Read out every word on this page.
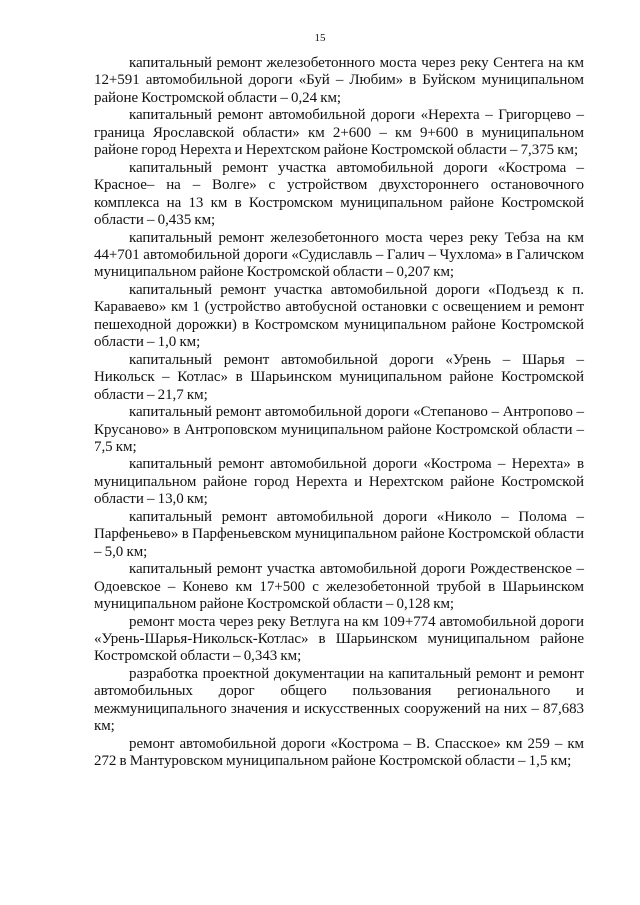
15

капитальный ремонт железобетонного моста через реку Сентега на км 12+591 автомобильной дороги «Буй – Любим» в Буйском муниципальном районе Костромской области – 0,24 км;

капитальный ремонт автомобильной дороги «Нерехта – Григорцево – граница Ярославской области» км 2+600 – км 9+600 в муниципальном районе город Нерехта и Нерехтском районе Костромской области – 7,375 км;

капитальный ремонт участка автомобильной дороги «Кострома – Красное– на – Волге» с устройством двухстороннего остановочного комплекса на 13 км в Костромском муниципальном районе Костромской области – 0,435 км;

капитальный ремонт железобетонного моста через реку Тебза на км 44+701 автомобильной дороги «Судиславль – Галич – Чухлома» в Галичском муниципальном районе Костромской области – 0,207 км;

капитальный ремонт участка автомобильной дороги «Подъезд к п. Караваево» км 1 (устройство автобусной остановки с освещением и ремонт пешеходной дорожки) в Костромском муниципальном районе Костромской области – 1,0 км;

капитальный ремонт автомобильной дороги «Урень – Шарья – Никольск – Котлас» в Шарьинском муниципальном районе Костромской области – 21,7 км;

капитальный ремонт автомобильной дороги «Степаново – Антропово – Крусаново» в Антроповском муниципальном районе Костромской области – 7,5 км;

капитальный ремонт автомобильной дороги «Кострома – Нерехта» в муниципальном районе город Нерехта и Нерехтском районе Костромской области – 13,0 км;

капитальный ремонт автомобильной дороги «Николо – Полома – Парфеньево» в Парфеньевском муниципальном районе Костромской области – 5,0 км;

капитальный ремонт участка автомобильной дороги Рождественское – Одоевское – Конево км 17+500 с железобетонной трубой в Шарьинском муниципальном районе Костромской области – 0,128 км;

ремонт моста через реку Ветлуга на км 109+774 автомобильной дороги «Урень-Шарья-Никольск-Котлас» в Шарьинском муниципальном районе Костромской области – 0,343 км;

разработка проектной документации на капитальный ремонт и ремонт автомобильных дорог общего пользования регионального и межмуниципального значения и искусственных сооружений на них – 87,683 км;

ремонт автомобильной дороги «Кострома – В. Спасское» км 259 – км 272 в Мантуровском муниципальном районе Костромской области – 1,5 км;
